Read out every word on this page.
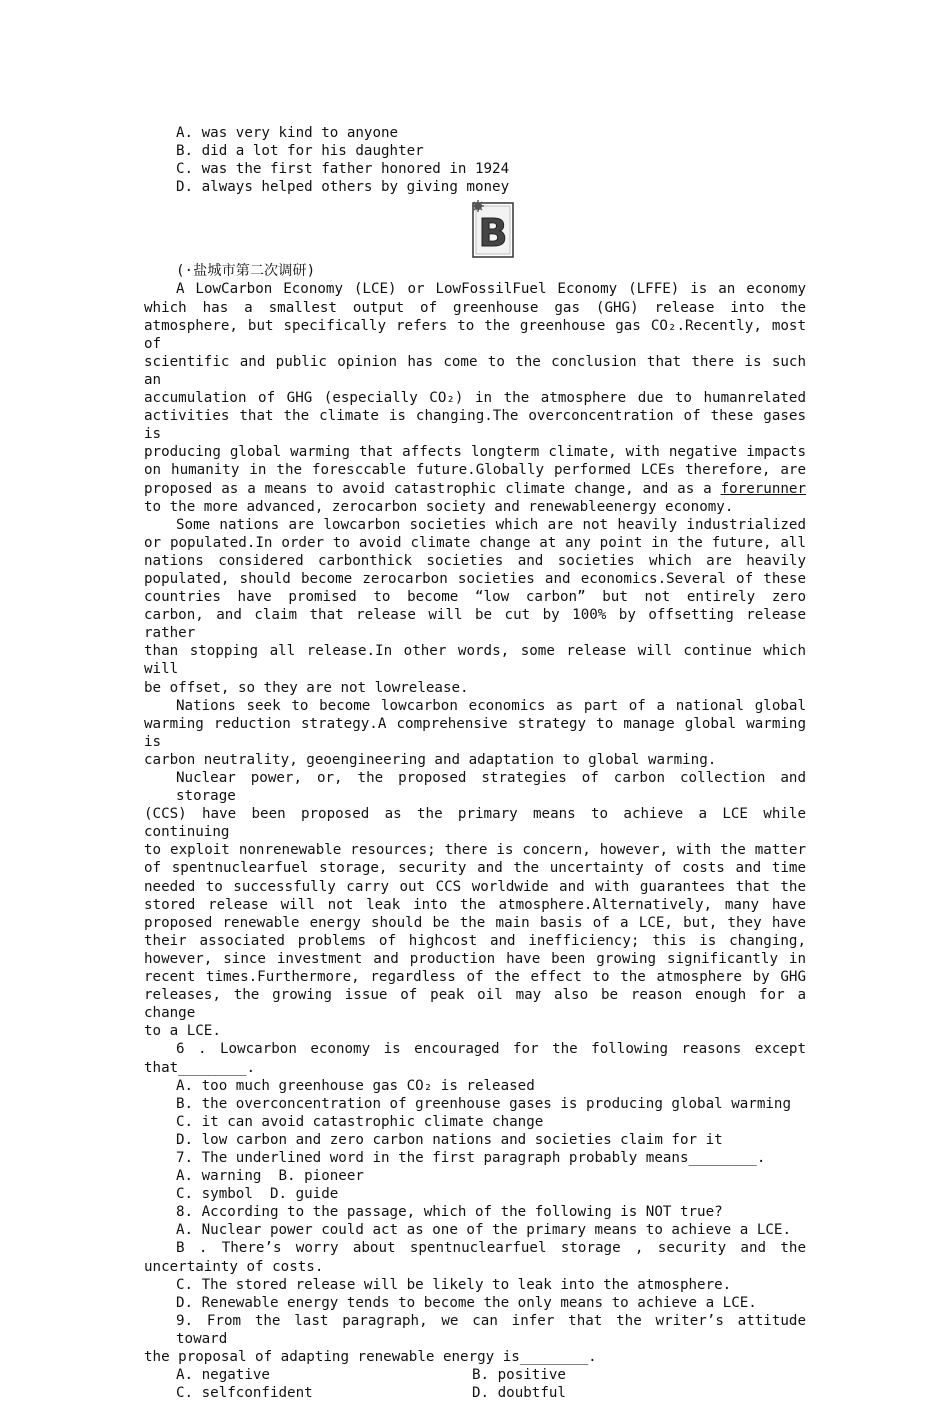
A. was very kind to anyone
B. did a lot for his daughter
C. was the first father honored in 1924
D. always helped others by giving money
B
(·盐城市第二次调研)
A LowCarbon Economy (LCE) or LowFossilFuel Economy (LFFE) is an economy
which has a smallest output of greenhouse gas (GHG) release into the
atmosphere, but specifically refers to the greenhouse gas CO₂.Recently, most of
scientific and public opinion has come to the conclusion that there is such an
accumulation of GHG (especially CO₂) in the atmosphere due to humanrelated
activities that the climate is changing.The overconcentration of these gases is
producing global warming that affects longterm climate, with negative impacts
on humanity in the foresccable future.Globally performed LCEs therefore, are
proposed as a means to avoid catastrophic climate change, and as a forerunner
to the more advanced, zerocarbon society and renewableenergy economy.
Some nations are lowcarbon societies which are not heavily industrialized
or populated.In order to avoid climate change at any point in the future, all
nations considered carbonthick societies and societies which are heavily
populated, should become zerocarbon societies and economics.Several of these
countries have promised to become “low carbon” but not entirely zero
carbon, and claim that release will be cut by 100% by offsetting release rather
than stopping all release.In other words, some release will continue which will
be offset, so they are not lowrelease.
Nations seek to become lowcarbon economics as part of a national global
warming reduction strategy.A comprehensive strategy to manage global warming is
carbon neutrality, geoengineering and adaptation to global warming.
Nuclear power, or, the proposed strategies of carbon collection and storage
(CCS) have been proposed as the primary means to achieve a LCE while continuing
to exploit nonrenewable resources; there is concern, however, with the matter
of spentnuclearfuel storage, security and the uncertainty of costs and time
needed to successfully carry out CCS worldwide and with guarantees that the
stored release will not leak into the atmosphere.Alternatively, many have
proposed renewable energy should be the main basis of a LCE, but, they have
their associated problems of highcost and inefficiency; this is changing,
however, since investment and production have been growing significantly in
recent times.Furthermore, regardless of the effect to the atmosphere by GHG
releases, the growing issue of peak oil may also be reason enough for a change
to a LCE.
6 . Lowcarbon economy is encouraged for the following reasons except
that________.
A. too much greenhouse gas CO₂ is released
B. the overconcentration of greenhouse gases is producing global warming
C. it can avoid catastrophic climate change
D. low carbon and zero carbon nations and societies claim for it
7. The underlined word in the first paragraph probably means________.
A. warning  B. pioneer
C. symbol  D. guide
8. According to the passage, which of the following is NOT true?
A. Nuclear power could act as one of the primary means to achieve a LCE.
B . There’s worry about spentnuclearfuel storage , security and the
uncertainty of costs.
C. The stored release will be likely to leak into the atmosphere.
D. Renewable energy tends to become the only means to achieve a LCE.
9. From the last paragraph, we can infer that the writer’s attitude toward
the proposal of adapting renewable energy is________.
A. negative	B. positive
C. selfconfident	D. doubtful
